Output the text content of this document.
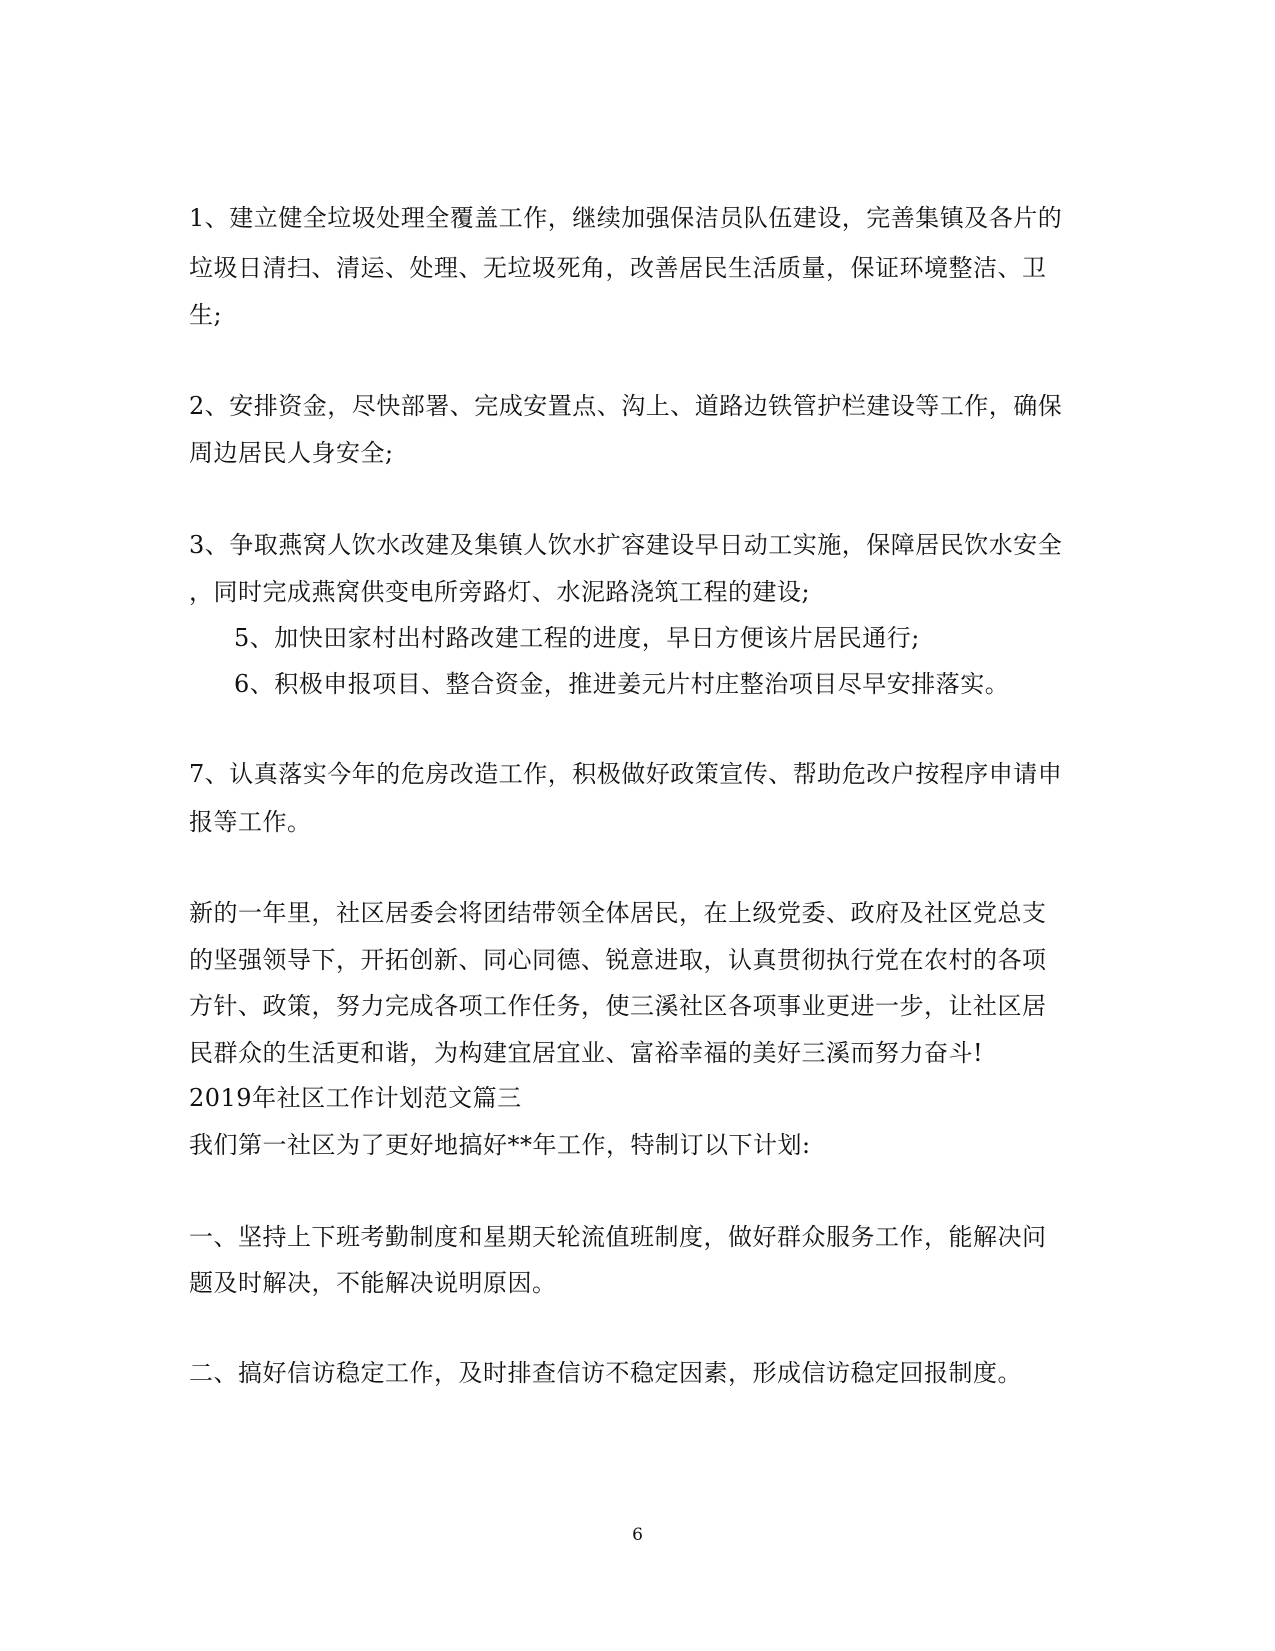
1、建立健全垃圾处理全覆盖工作，继续加强保洁员队伍建设，完善集镇及各片的
垃圾日清扫、清运、处理、无垃圾死角，改善居民生活质量，保证环境整洁、卫
生;
2、安排资金，尽快部署、完成安置点、沟上、道路边铁管护栏建设等工作，确保
周边居民人身安全;
3、争取燕窝人饮水改建及集镇人饮水扩容建设早日动工实施，保障居民饮水安全
，同时完成燕窝供变电所旁路灯、水泥路浇筑工程的建设;
5、加快田家村出村路改建工程的进度，早日方便该片居民通行;
6、积极申报项目、整合资金，推进姜元片村庄整治项目尽早安排落实。
7、认真落实今年的危房改造工作，积极做好政策宣传、帮助危改户按程序申请申
报等工作。
新的一年里，社区居委会将团结带领全体居民，在上级党委、政府及社区党总支
的坚强领导下，开拓创新、同心同德、锐意进取，认真贯彻执行党在农村的各项
方针、政策，努力完成各项工作任务，使三溪社区各项事业更进一步，让社区居
民群众的生活更和谐，为构建宜居宜业、富裕幸福的美好三溪而努力奋斗!
2019年社区工作计划范文篇三
我们第一社区为了更好地搞好**年工作，特制订以下计划:
一、坚持上下班考勤制度和星期天轮流值班制度，做好群众服务工作，能解决问
题及时解决，不能解决说明原因。
二、搞好信访稳定工作，及时排查信访不稳定因素，形成信访稳定回报制度。
6
